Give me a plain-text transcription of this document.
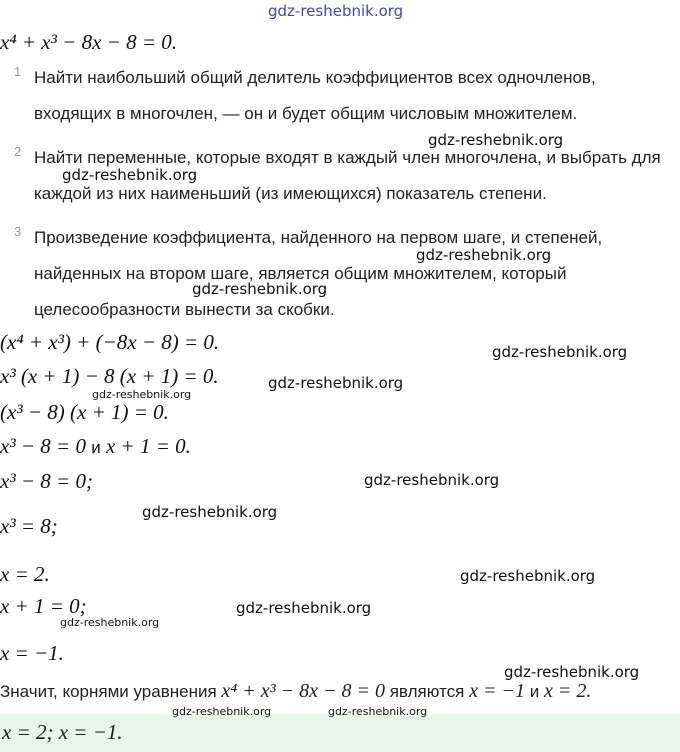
gdz-reshebnik.org
x⁴ + x³ − 8x − 8 = 0.
1 Найти наибольший общий делитель коэффициентов всех одночленов, входящих в многочлен, — он и будет общим числовым множителем.
2 Найти переменные, которые входят в каждый член многочлена, и выбрать для каждой из них наименьший (из имеющихся) показатель степени.
3 Произведение коэффициента, найденного на первом шаге, и степеней, найденных на втором шаге, является общим множителем, который целесообразности вынести за скобки.
(x⁴ + x³) + (−8x − 8) = 0.
x³ (x + 1) − 8 (x + 1) = 0.
(x³ − 8) (x + 1) = 0.
x³ − 8 = 0 и x + 1 = 0.
x³ − 8 = 0;
x³ = 8;
x = 2.
x + 1 = 0;
x = −1.
Значит, корнями уравнения x⁴ + x³ − 8x − 8 = 0 являются x = −1 и x = 2.
x = 2; x = −1.
gdz-reshebnik.org
gdz-reshebnik.org
gdz-reshebnik.org
gdz-reshebnik.org
gdz-reshebnik.org
gdz-reshebnik.org
gdz-reshebnik.org
gdz-reshebnik.org
gdz-reshebnik.org
gdz-reshebnik.org
gdz-reshebnik.org
gdz-reshebnik.org
gdz-reshebnik.org
gdz-reshebnik.org	gdz-reshebnik.org
